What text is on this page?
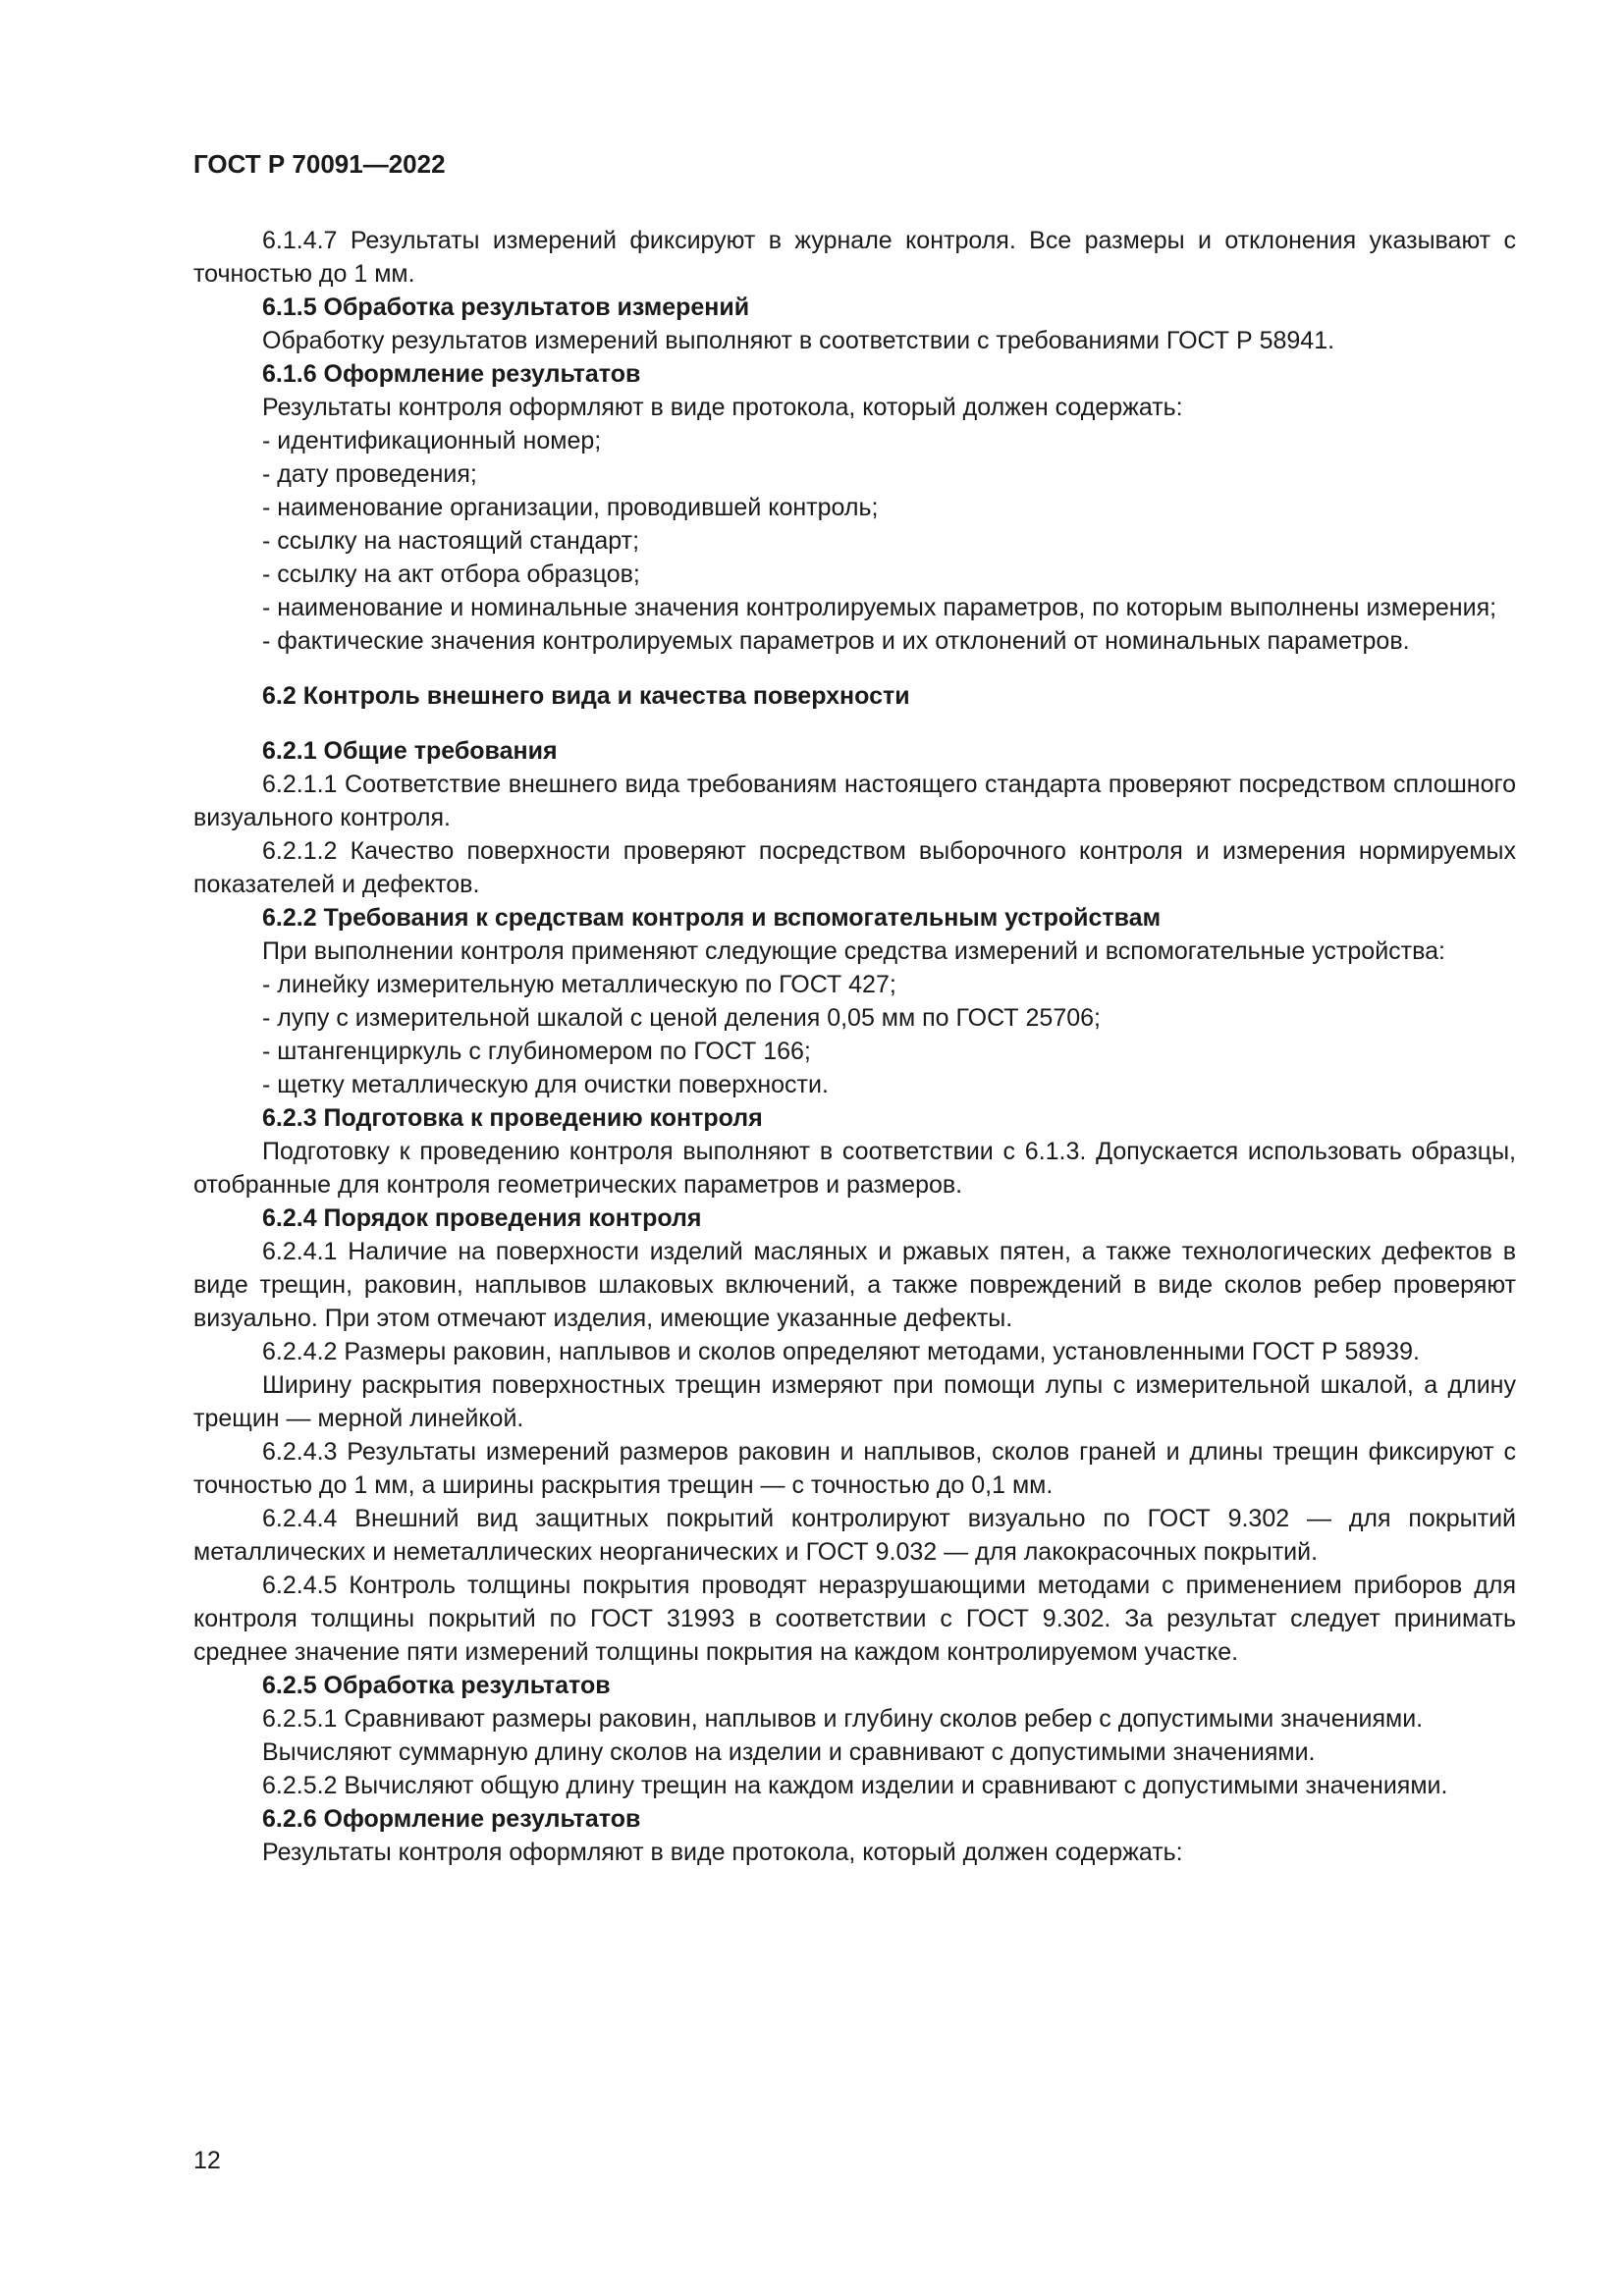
ГОСТ Р 70091—2022

6.1.4.7 Результаты измерений фиксируют в журнале контроля. Все размеры и отклонения указывают с точностью до 1 мм.

6.1.5 Обработка результатов измерений

Обработку результатов измерений выполняют в соответствии с требованиями ГОСТ Р 58941.

6.1.6 Оформление результатов

Результаты контроля оформляют в виде протокола, который должен содержать:

- идентификационный номер;

- дату проведения;

- наименование организации, проводившей контроль;

- ссылку на настоящий стандарт;

- ссылку на акт отбора образцов;

- наименование и номинальные значения контролируемых параметров, по которым выполнены измерения;

- фактические значения контролируемых параметров и их отклонений от номинальных параметров.

6.2 Контроль внешнего вида и качества поверхности

6.2.1 Общие требования

6.2.1.1 Соответствие внешнего вида требованиям настоящего стандарта проверяют посредством сплошного визуального контроля.

6.2.1.2 Качество поверхности проверяют посредством выборочного контроля и измерения нормируемых показателей и дефектов.

6.2.2 Требования к средствам контроля и вспомогательным устройствам

При выполнении контроля применяют следующие средства измерений и вспомогательные устройства:

- линейку измерительную металлическую по ГОСТ 427;

- лупу с измерительной шкалой с ценой деления 0,05 мм по ГОСТ 25706;

- штангенциркуль с глубиномером по ГОСТ 166;

- щетку металлическую для очистки поверхности.

6.2.3 Подготовка к проведению контроля

Подготовку к проведению контроля выполняют в соответствии с 6.1.3. Допускается использовать образцы, отобранные для контроля геометрических параметров и размеров.

6.2.4 Порядок проведения контроля

6.2.4.1 Наличие на поверхности изделий масляных и ржавых пятен, а также технологических дефектов в виде трещин, раковин, наплывов шлаковых включений, а также повреждений в виде сколов ребер проверяют визуально. При этом отмечают изделия, имеющие указанные дефекты.

6.2.4.2 Размеры раковин, наплывов и сколов определяют методами, установленными ГОСТ Р 58939.

Ширину раскрытия поверхностных трещин измеряют при помощи лупы с измерительной шкалой, а длину трещин — мерной линейкой.

6.2.4.3 Результаты измерений размеров раковин и наплывов, сколов граней и длины трещин фиксируют с точностью до 1 мм, а ширины раскрытия трещин — с точностью до 0,1 мм.

6.2.4.4 Внешний вид защитных покрытий контролируют визуально по ГОСТ 9.302 — для покрытий металлических и неметаллических неорганических и ГОСТ 9.032 — для лакокрасочных покрытий.

6.2.4.5 Контроль толщины покрытия проводят неразрушающими методами с применением приборов для контроля толщины покрытий по ГОСТ 31993 в соответствии с ГОСТ 9.302. За результат следует принимать среднее значение пяти измерений толщины покрытия на каждом контролируемом участке.

6.2.5 Обработка результатов

6.2.5.1 Сравнивают размеры раковин, наплывов и глубину сколов ребер с допустимыми значениями.

Вычисляют суммарную длину сколов на изделии и сравнивают с допустимыми значениями.

6.2.5.2 Вычисляют общую длину трещин на каждом изделии и сравнивают с допустимыми значениями.

6.2.6 Оформление результатов

Результаты контроля оформляют в виде протокола, который должен содержать:

12
